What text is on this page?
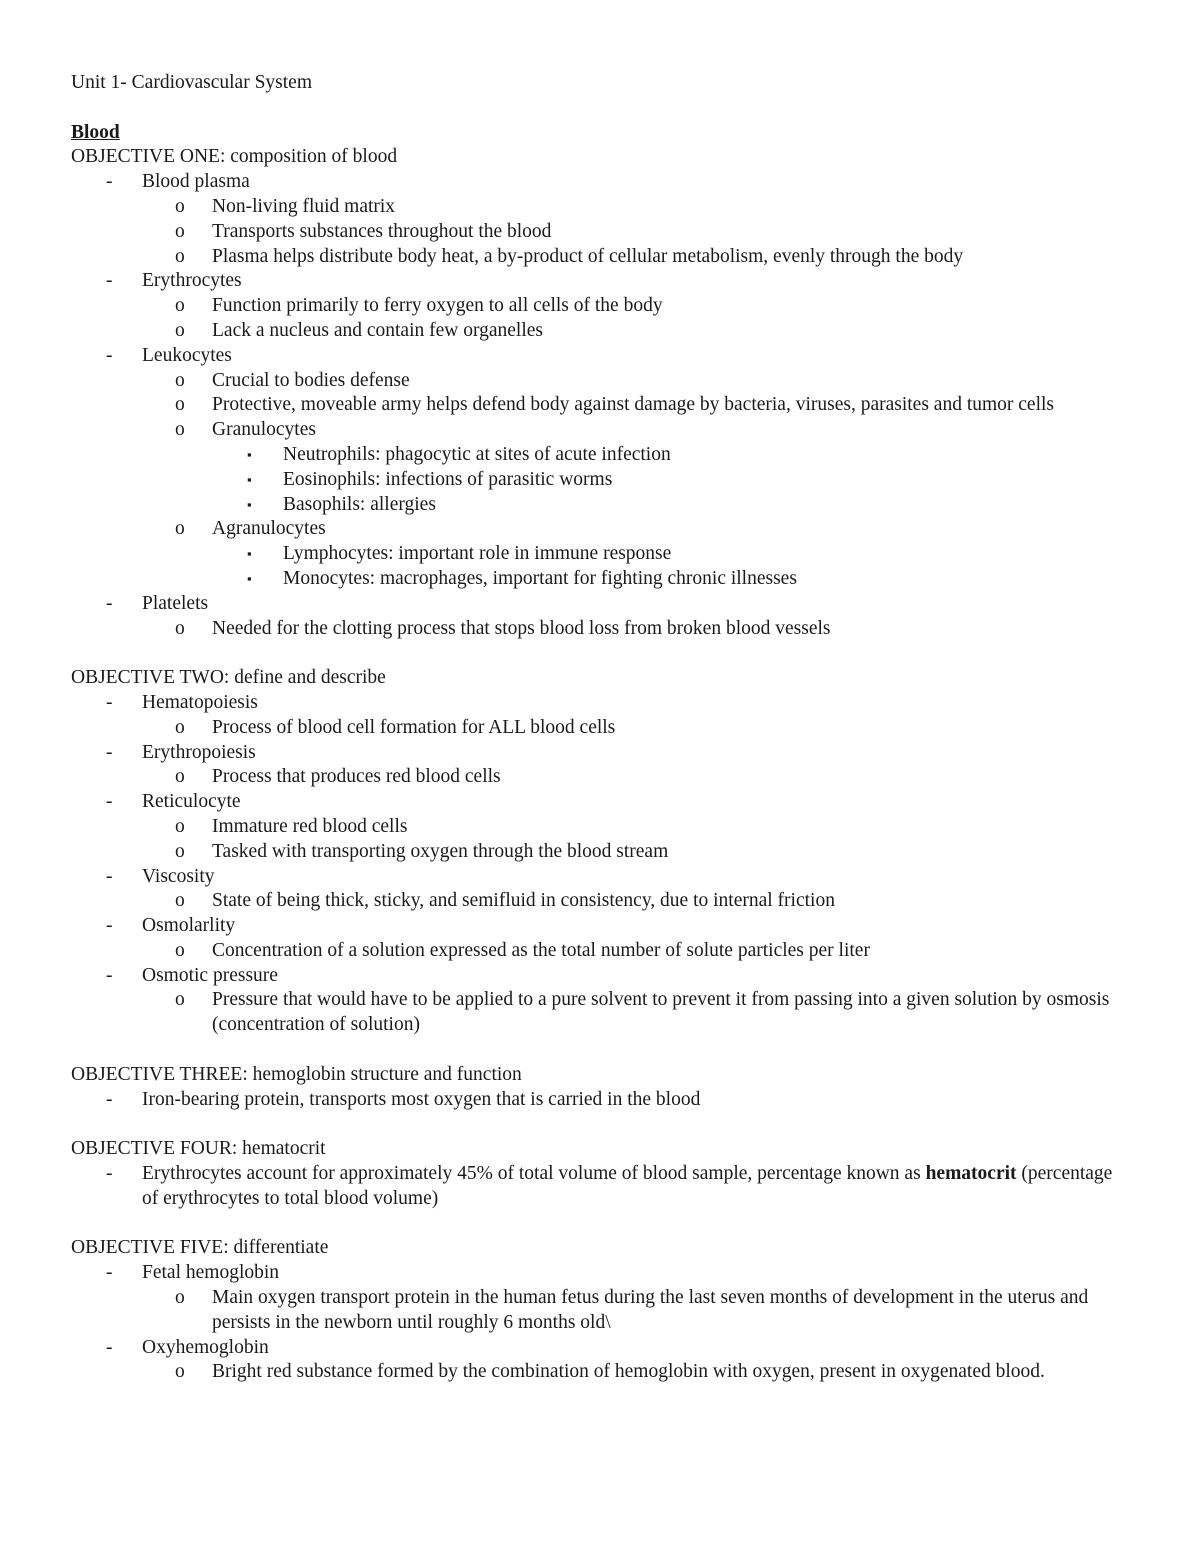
Unit 1- Cardiovascular System
Blood
OBJECTIVE ONE: composition of blood
- Blood plasma
o Non-living fluid matrix
o Transports substances throughout the blood
o Plasma helps distribute body heat, a by-product of cellular metabolism, evenly through the body
- Erythrocytes
o Function primarily to ferry oxygen to all cells of the body
o Lack a nucleus and contain few organelles
- Leukocytes
o Crucial to bodies defense
o Protective, moveable army helps defend body against damage by bacteria, viruses, parasites and tumor cells
o Granulocytes
▪ Neutrophils: phagocytic at sites of acute infection
▪ Eosinophils: infections of parasitic worms
▪ Basophils: allergies
o Agranulocytes
▪ Lymphocytes: important role in immune response
▪ Monocytes: macrophages, important for fighting chronic illnesses
- Platelets
o Needed for the clotting process that stops blood loss from broken blood vessels
OBJECTIVE TWO: define and describe
- Hematopoiesis
o Process of blood cell formation for ALL blood cells
- Erythropoiesis
o Process that produces red blood cells
- Reticulocyte
o Immature red blood cells
o Tasked with transporting oxygen through the blood stream
- Viscosity
o State of being thick, sticky, and semifluid in consistency, due to internal friction
- Osmolarlity
o Concentration of a solution expressed as the total number of solute particles per liter
- Osmotic pressure
o Pressure that would have to be applied to a pure solvent to prevent it from passing into a given solution by osmosis (concentration of solution)
OBJECTIVE THREE: hemoglobin structure and function
- Iron-bearing protein, transports most oxygen that is carried in the blood
OBJECTIVE FOUR: hematocrit
- Erythrocytes account for approximately 45% of total volume of blood sample, percentage known as hematocrit (percentage of erythrocytes to total blood volume)
OBJECTIVE FIVE: differentiate
- Fetal hemoglobin
o Main oxygen transport protein in the human fetus during the last seven months of development in the uterus and persists in the newborn until roughly 6 months old\
- Oxyhemoglobin
o Bright red substance formed by the combination of hemoglobin with oxygen, present in oxygenated blood.
